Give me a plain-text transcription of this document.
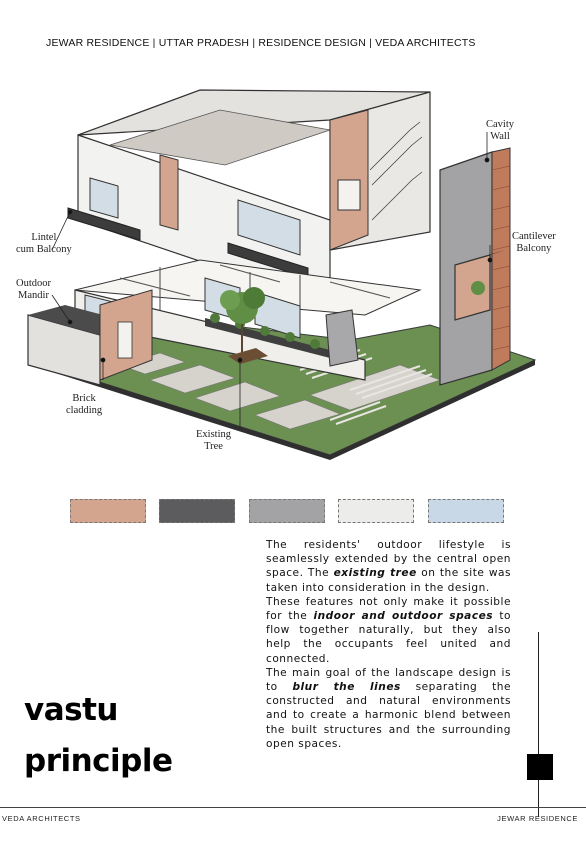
JEWAR RESIDENCE | UTTAR PRADESH | RESIDENCE DESIGN | VEDA ARCHITECTS
Cavity
Wall
Cantilever
Balcony
Lintel
cum Balcony
Outdoor
Mandir
Brick
cladding
Existing
Tree

The residents' outdoor lifestyle is seamlessly extended by the central open space. The existing tree on the site was taken into consideration in the design.

These features not only make it possible for the indoor and outdoor spaces to flow together naturally, but they also help the occupants feel united and connected.

The main goal of the landscape design is to blur the lines separating the constructed and natural environments and to create a harmonic blend between the built structures and the surrounding open spaces.

vastu
principle
VEDA ARCHITECTS	JEWAR RESIDENCE
